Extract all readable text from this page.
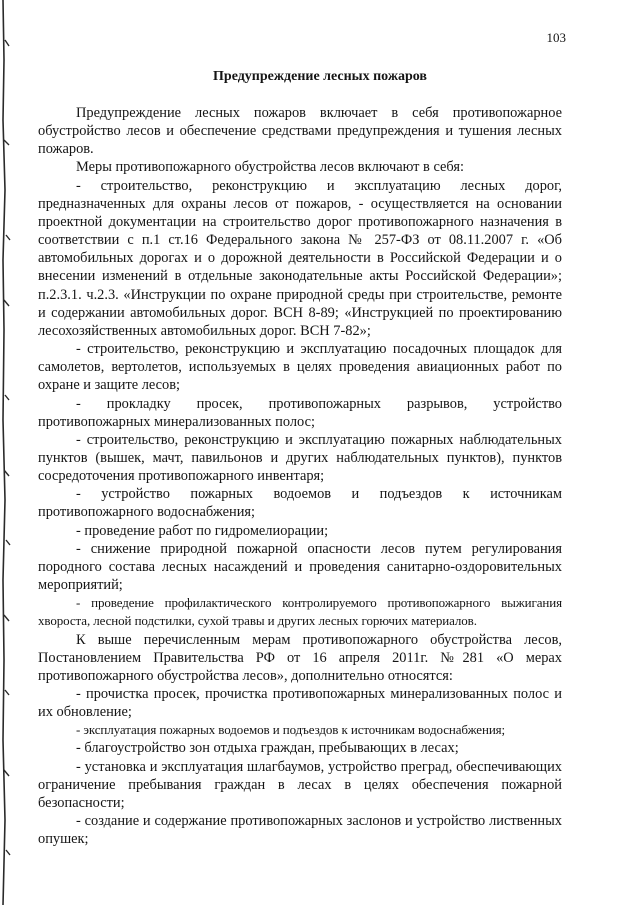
103
Предупреждение лесных пожаров

Предупреждение лесных пожаров включает в себя противопожарное обустройство лесов и обеспечение средствами предупреждения и тушения лесных пожаров.

Меры противопожарного обустройства лесов включают в себя:

- строительство, реконструкцию и эксплуатацию лесных дорог, предназначенных для охраны лесов от пожаров, - осуществляется на основании проектной документации на строительство дорог противопожарного назначения в соответствии с п.1 ст.16 Федерального закона № 257-ФЗ от 08.11.2007 г. «Об автомобильных дорогах и о дорожной деятельности в Российской Федерации и о внесении изменений в отдельные законодательные акты Российской Федерации»; п.2.3.1. ч.2.3. «Инструкции по охране природной среды при строительстве, ремонте и содержании автомобильных дорог. ВСН 8-89; «Инструкцией по проектированию лесохозяйственных автомобильных дорог. ВСН 7-82»;

- строительство, реконструкцию и эксплуатацию посадочных площадок для самолетов, вертолетов, используемых в целях проведения авиационных работ по охране и защите лесов;

- прокладку просек, противопожарных разрывов, устройство противопожарных минерализованных полос;

- строительство, реконструкцию и эксплуатацию пожарных наблюдательных пунктов (вышек, мачт, павильонов и других наблюдательных пунктов), пунктов сосредоточения противопожарного инвентаря;

- устройство пожарных водоемов и подъездов к источникам противопожарного водоснабжения;

- проведение работ по гидромелиорации;

- снижение природной пожарной опасности лесов путем регулирования породного состава лесных насаждений и проведения санитарно-оздоровительных мероприятий;

- проведение профилактического контролируемого противопожарного выжигания хвороста, лесной подстилки, сухой травы и других лесных горючих материалов.

К выше перечисленным мерам противопожарного обустройства лесов, Постановлением Правительства РФ от 16 апреля 2011г. №281 «О мерах противопожарного обустройства лесов», дополнительно относятся:

- прочистка просек, прочистка противопожарных минерализованных полос и их обновление;

- эксплуатация пожарных водоемов и подъездов к источникам водоснабжения;

- благоустройство зон отдыха граждан, пребывающих в лесах;

- установка и эксплуатация шлагбаумов, устройство преград, обеспечивающих ограничение пребывания граждан в лесах в целях обеспечения пожарной безопасности;

- создание и содержание противопожарных заслонов и устройство лиственных опушек;
